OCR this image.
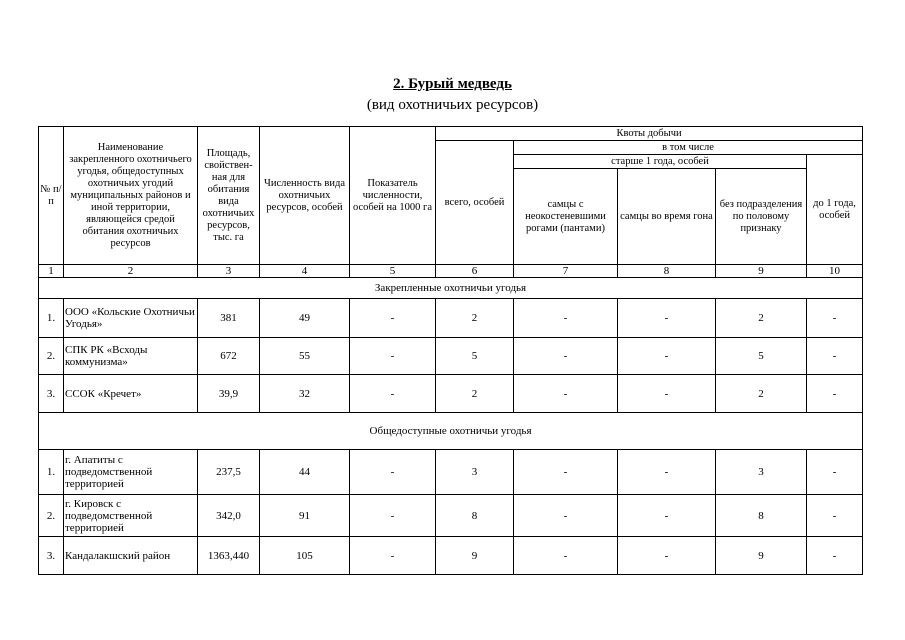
2. Бурый медведь
(вид охотничьих ресурсов)
№ п/п	Наименование закрепленного охотничьего угодья, общедоступных охотничьих угодий муниципальных районов и иной территории, являющейся средой обитания охотничьих ресурсов	Площадь, свойствен-ная для обитания вида охотничьих ресурсов, тыс. га	Численность вида охотничьих ресурсов, особей	Показатель численности, особей на 1000 га	Квоты добычи				
					всего, особей	в том числе			
						старше 1 года, особей			до 1 года, особей
						самцы с неокостеневшими рогами (пантами)	самцы во время гона	без подразделения по половому признаку	
1	2	3	4	5	6	7	8	9	10
Закрепленные охотничьи угодья									
1.	ООО «Кольские Охотничьи Угодья»	381	49	-	2	-	-	2	-
2.	СПК РК «Всходы коммунизма»	672	55	-	5	-	-	5	-
3.	ССОК «Кречет»	39,9	32	-	2	-	-	2	-
Общедоступные охотничьи угодья									
1.	г. Апатиты с подведомственной территорией	237,5	44	-	3	-	-	3	-
2.	г. Кировск с подведомственной территорией	342,0	91	-	8	-	-	8	-
3.	Кандалакшский район	1363,440	105	-	9	-	-	9	-
